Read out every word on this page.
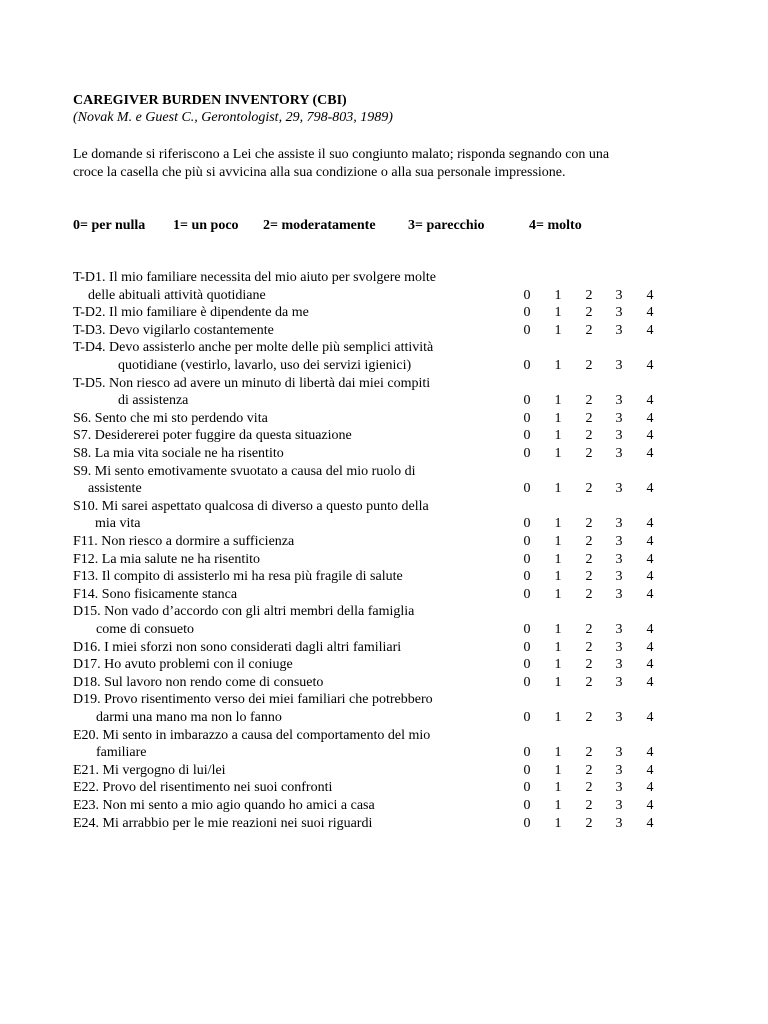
CAREGIVER BURDEN INVENTORY (CBI)
(Novak M. e Guest C., Gerontologist, 29, 798-803, 1989)
Le domande si riferiscono a Lei che assiste il suo congiunto malato; risponda segnando con una
croce la casella che più si avvicina alla sua condizione o alla sua personale impressione.
0= per nulla 1= un poco 2= moderatamente 3= parecchio	4= molto
T-D1. Il mio familiare necessita del mio aiuto per svolgere molte
delle abituali attività quotidiane	0 1 2 3 4
T-D2. Il mio familiare è dipendente da me	0 1 2 3 4
T-D3. Devo vigilarlo costantemente	0 1 2 3 4
T-D4. Devo assisterlo anche per molte delle più semplici attività
quotidiane (vestirlo, lavarlo, uso dei servizi igienici)	0 1 2 3 4
T-D5. Non riesco ad avere un minuto di libertà dai miei compiti
di assistenza	0 1 2 3 4
S6. Sento che mi sto perdendo vita	0 1 2 3 4
S7. Desidererei poter fuggire da questa situazione	0 1 2 3 4
S8. La mia vita sociale ne ha risentito	0 1 2 3 4
S9. Mi sento emotivamente svuotato a causa del mio ruolo di
assistente	0 1 2 3 4
S10. Mi sarei aspettato qualcosa di diverso a questo punto della
mia vita	0 1 2 3 4
F11. Non riesco a dormire a sufficienza	0 1 2 3 4
F12. La mia salute ne ha risentito	0 1 2 3 4
F13. Il compito di assisterlo mi ha resa più fragile di salute	0 1 2 3 4
F14. Sono fisicamente stanca	0 1 2 3 4
D15. Non vado d’accordo con gli altri membri della famiglia
come di consueto	0 1 2 3 4
D16. I miei sforzi non sono considerati dagli altri familiari	0 1 2 3 4
D17. Ho avuto problemi con il coniuge	0 1 2 3 4
D18. Sul lavoro non rendo come di consueto	0 1 2 3 4
D19. Provo risentimento verso dei miei familiari che potrebbero
darmi una mano ma non lo fanno	0 1 2 3 4
E20. Mi sento in imbarazzo a causa del comportamento del mio
familiare	0 1 2 3 4
E21. Mi vergogno di lui/lei	0 1 2 3 4
E22. Provo del risentimento nei suoi confronti	0 1 2 3 4
E23. Non mi sento a mio agio quando ho amici a casa	0 1 2 3 4
E24. Mi arrabbio per le mie reazioni nei suoi riguardi	0 1 2 3 4
